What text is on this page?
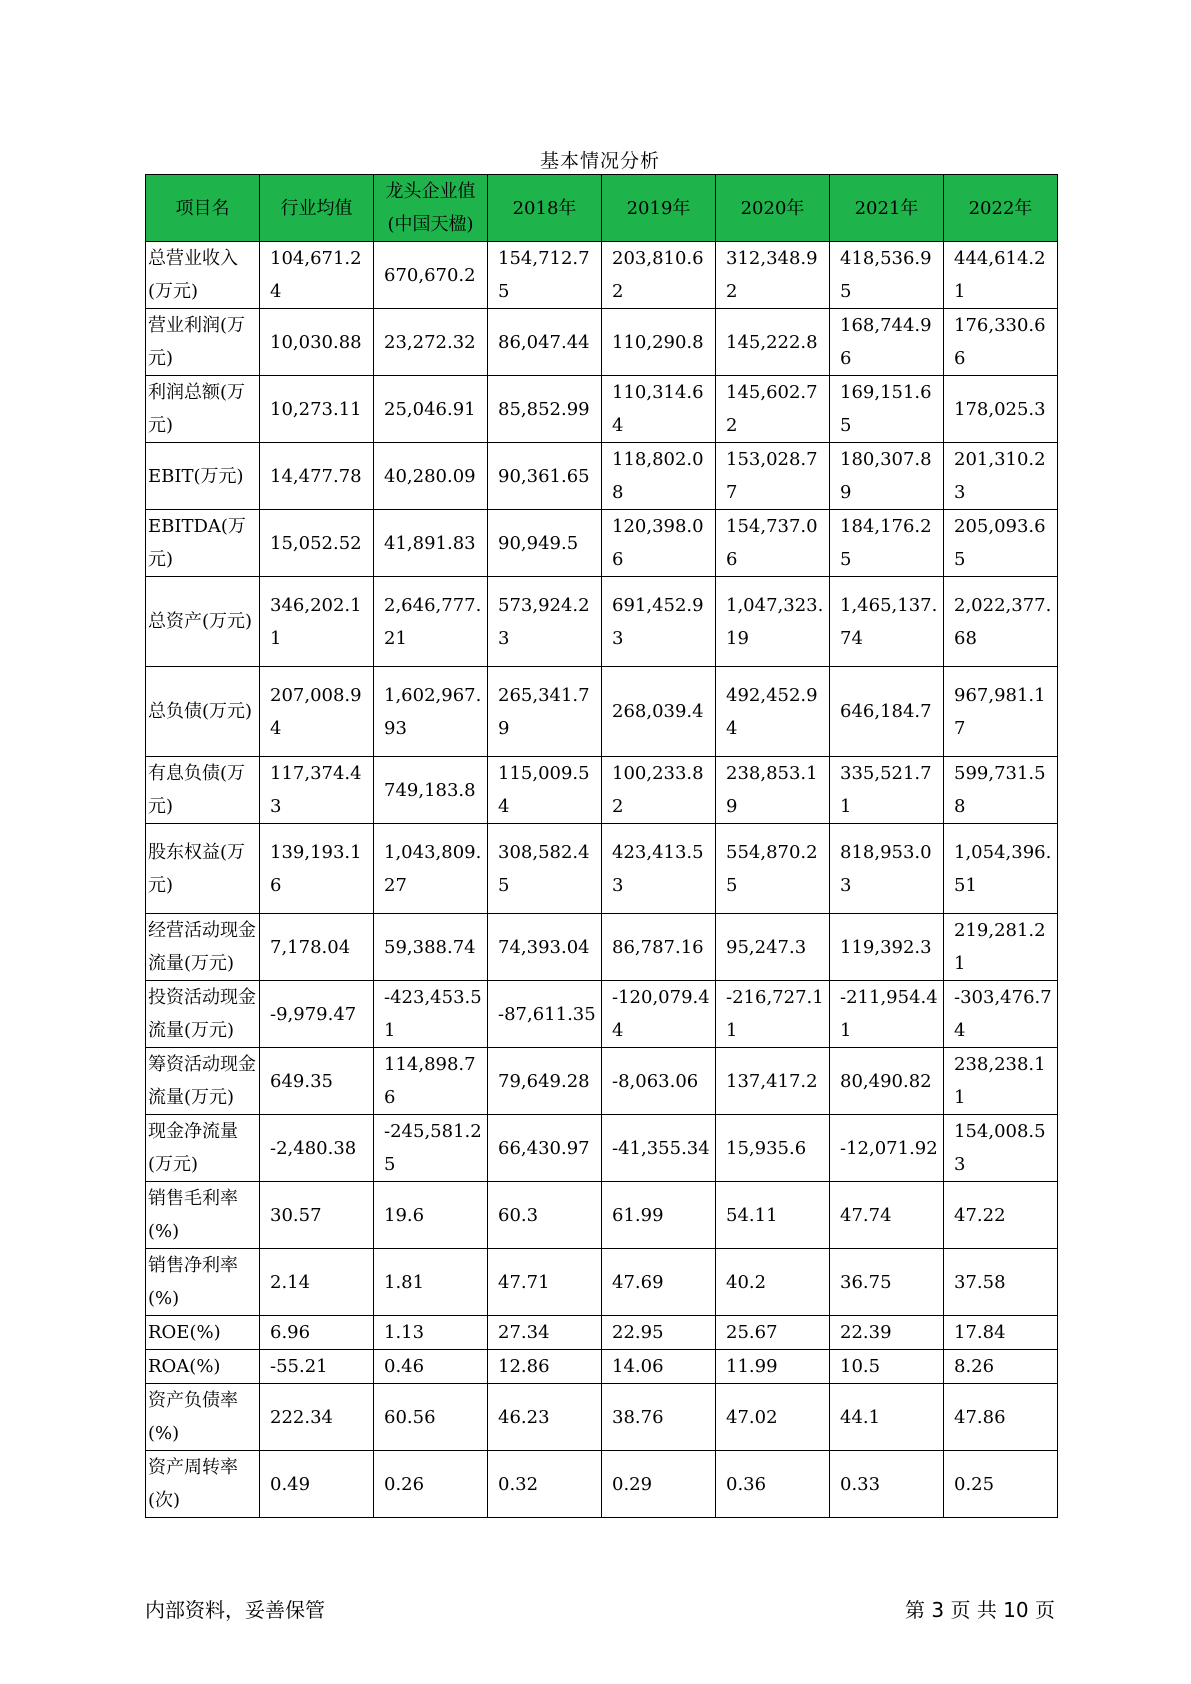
基本情况分析
项目名	行业均值	龙头企业值(中国天楹)	2018年	2019年	2020年	2021年	2022年
总营业收入(万元)	104,671.24	670,670.2	154,712.75	203,810.62	312,348.92	418,536.95	444,614.21
营业利润(万元)	10,030.88	23,272.32	86,047.44	110,290.8	145,222.8	168,744.96	176,330.66
利润总额(万元)	10,273.11	25,046.91	85,852.99	110,314.64	145,602.72	169,151.65	178,025.3
EBIT(万元)	14,477.78	40,280.09	90,361.65	118,802.08	153,028.77	180,307.89	201,310.23
EBITDA(万元)	15,052.52	41,891.83	90,949.5	120,398.06	154,737.06	184,176.25	205,093.65
总资产(万元)	346,202.11	2,646,777.21	573,924.23	691,452.93	1,047,323.19	1,465,137.74	2,022,377.68
总负债(万元)	207,008.94	1,602,967.93	265,341.79	268,039.4	492,452.94	646,184.7	967,981.17
有息负债(万元)	117,374.43	749,183.8	115,009.54	100,233.82	238,853.19	335,521.71	599,731.58
股东权益(万元)	139,193.16	1,043,809.27	308,582.45	423,413.53	554,870.25	818,953.03	1,054,396.51
经营活动现金流量(万元)	7,178.04	59,388.74	74,393.04	86,787.16	95,247.3	119,392.3	219,281.21
投资活动现金流量(万元)	-9,979.47	-423,453.51	-87,611.35	-120,079.44	-216,727.11	-211,954.41	-303,476.74
筹资活动现金流量(万元)	649.35	114,898.76	79,649.28	-8,063.06	137,417.2	80,490.82	238,238.11
现金净流量(万元)	-2,480.38	-245,581.25	66,430.97	-41,355.34	15,935.6	-12,071.92	154,008.53
销售毛利率(%)	30.57	19.6	60.3	61.99	54.11	47.74	47.22
销售净利率(%)	2.14	1.81	47.71	47.69	40.2	36.75	37.58
ROE(%)	6.96	1.13	27.34	22.95	25.67	22.39	17.84
ROA(%)	-55.21	0.46	12.86	14.06	11.99	10.5	8.26
资产负债率(%)	222.34	60.56	46.23	38.76	47.02	44.1	47.86
资产周转率(次)	0.49	0.26	0.32	0.29	0.36	0.33	0.25
内部资料，妥善保管	第 3 页 共 10 页
